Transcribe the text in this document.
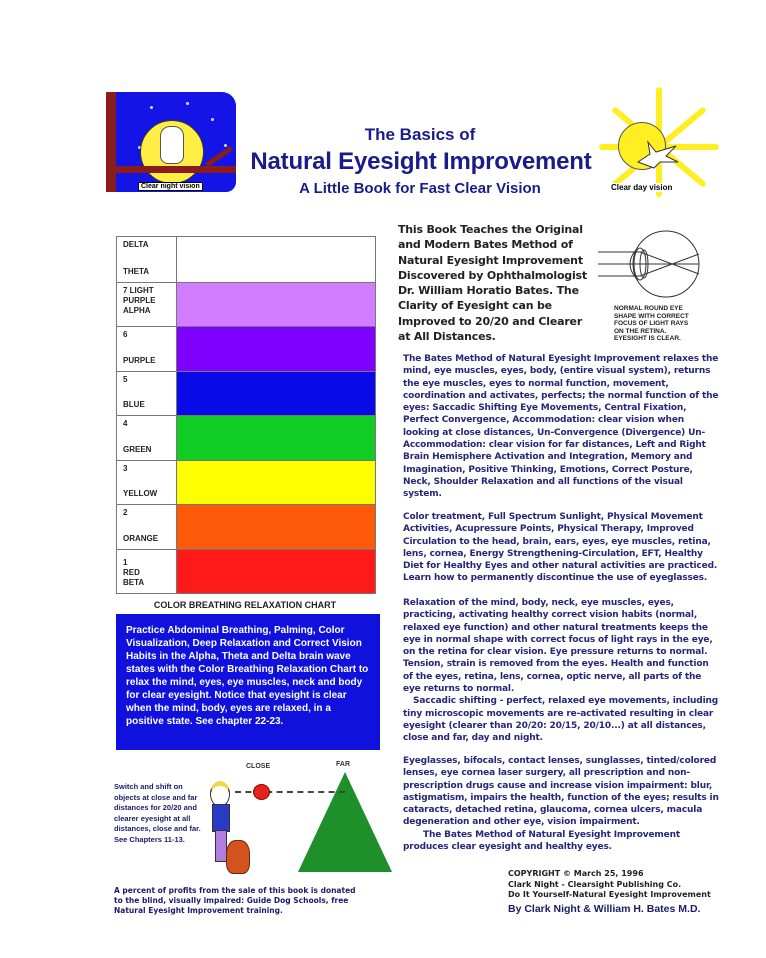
Clear night vision
The Basics of
Natural Eyesight Improvement
A Little Book for Fast Clear Vision	Clear day vision
DELTA
THETA
7 LIGHT
PURPLE
ALPHA
6
PURPLE
5
BLUE
4
GREEN
3
YELLOW
2
ORANGE
1
RED
BETA
COLOR BREATHING RELAXATION CHART
Practice Abdominal Breathing, Palming, Color Visualization, Deep Relaxation and Correct Vision Habits in the Alpha, Theta and Delta brain wave states with the Color Breathing Relaxation Chart to relax the mind, eyes, eye muscles, neck and body for clear eyesight. Notice that eyesight is clear when the mind, body, eyes are relaxed, in a positive state. See chapter 22-23.
CLOSE	FAR
Switch and shift on objects at close and far distances for 20/20 and clearer eyesight at all distances, close and far.
See Chapters 11-13.
A percent of profits from the sale of this book is donated to the blind, visually impaired: Guide Dog Schools, free Natural Eyesight Improvement training.
This Book Teaches the Original and Modern Bates Method of Natural Eyesight Improvement Discovered by Ophthalmologist Dr. William Horatio Bates. The Clarity of Eyesight can be Improved to 20/20 and Clearer at All Distances.
NORMAL ROUND EYE
SHAPE WITH CORRECT
FOCUS OF LIGHT RAYS
ON THE RETINA.
EYESIGHT IS CLEAR.
The Bates Method of Natural Eyesight Improvement relaxes the mind, eye muscles, eyes, body, (entire visual system), returns the eye muscles, eyes to normal function, movement, coordination and activates, perfects; the normal function of the eyes: Saccadic Shifting Eye Movements, Central Fixation, Perfect Convergence, Accommodation: clear vision when looking at close distances, Un-Convergence (Divergence) Un-Accommodation: clear vision for far distances, Left and Right Brain Hemisphere Activation and Integration, Memory and Imagination, Positive Thinking, Emotions, Correct Posture, Neck, Shoulder Relaxation and all functions of the visual system.
Color treatment, Full Spectrum Sunlight, Physical Movement Activities, Acupressure Points, Physical Therapy, Improved Circulation to the head, brain, ears, eyes, eye muscles, retina, lens, cornea, Energy Strengthening-Circulation, EFT, Healthy Diet for Healthy Eyes and other natural activities are practiced. Learn how to permanently discontinue the use of eyeglasses.
Relaxation of the mind, body, neck, eye muscles, eyes, practicing, activating healthy correct vision habits (normal, relaxed eye function) and other natural treatments keeps the eye in normal shape with correct focus of light rays in the eye, on the retina for clear vision. Eye pressure returns to normal. Tension, strain is removed from the eyes. Health and function of the eyes, retina, lens, cornea, optic nerve, all parts of the eye returns to normal.
Saccadic shifting - perfect, relaxed eye movements, including tiny microscopic movements are re-activated resulting in clear eyesight (clearer than 20/20: 20/15, 20/10...) at all distances, close and far, day and night.
Eyeglasses, bifocals, contact lenses, sunglasses, tinted/colored lenses, eye cornea laser surgery, all prescription and non-prescription drugs cause and increase vision impairment: blur, astigmatism, impairs the health, function of the eyes; results in cataracts, detached retina, glaucoma, cornea ulcers, macula degeneration and other eye, vision impairment.
The Bates Method of Natural Eyesight Improvement produces clear eyesight and healthy eyes.
COPYRIGHT © March 25, 1996
Clark Night - Clearsight Publishing Co.
Do It Yourself-Natural Eyesight Improvement
By Clark Night & William H. Bates M.D.
